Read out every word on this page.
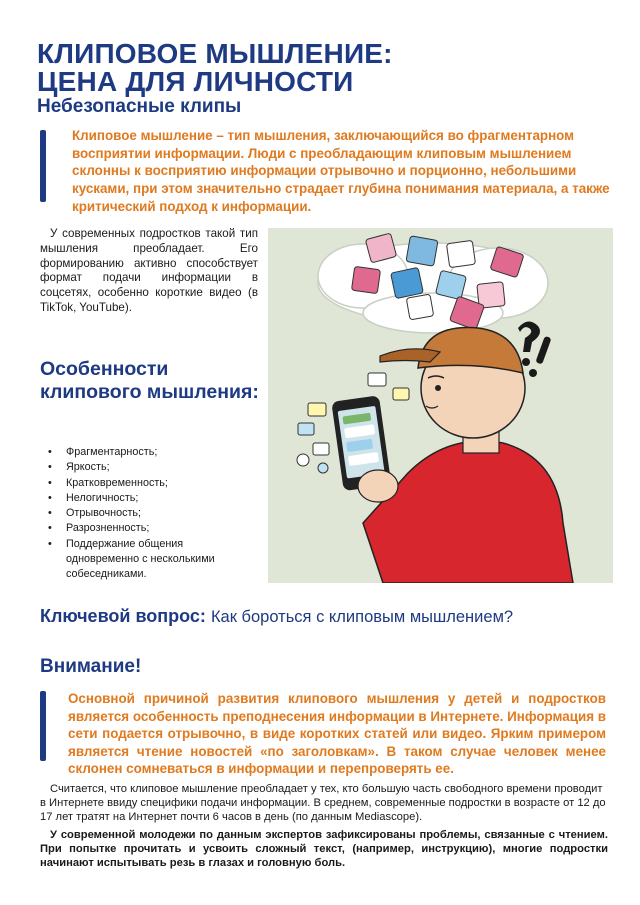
КЛИПОВОЕ МЫШЛЕНИЕ:
ЦЕНА ДЛЯ ЛИЧНОСТИ
Небезопасные клипы
Клиповое мышление – тип мышления, заключающийся во фрагментарном восприятии информации. Люди с преобладающим клиповым мышлением склонны к восприятию информации отрывочно и порционно, небольшими кусками, при этом значительно страдает глубина понимания материала, а также критический подход к информации.
У современных подростков такой тип мышления преобладает. Его формированию активно способствует формат подачи информации в соцсетях, особенно короткие видео (в TikTok, YouTube).
Особенности клипового мышления:
• Фрагментарность;
• Яркость;
• Кратковременность;
• Нелогичность;
• Отрывочность;
• Разрозненность;
• Поддержание общения одновременно с несколькими собеседниками.
Ключевой вопрос: Как бороться с клиповым мышлением?
Внимание!
Основной причиной развития клипового мышления у детей и подростков является особенность преподнесения информации в Интернете. Информация в сети подается отрывочно, в виде коротких статей или видео. Ярким примером является чтение новостей «по заголовкам». В таком случае человек менее склонен сомневаться в информации и перепроверять ее.
Считается, что клиповое мышление преобладает у тех, кто большую часть свободного времени проводит в Интернете ввиду специфики подачи информации. В среднем, современные подростки в возрасте от 12 до 17 лет тратят на Интернет почти 6 часов в день (по данным Mediascope).
У современной молодежи по данным экспертов зафиксированы проблемы, связанные с чтением. При попытке прочитать и усвоить сложный текст, (например, инструкцию), многие подростки начинают испытывать резь в глазах и головную боль.
